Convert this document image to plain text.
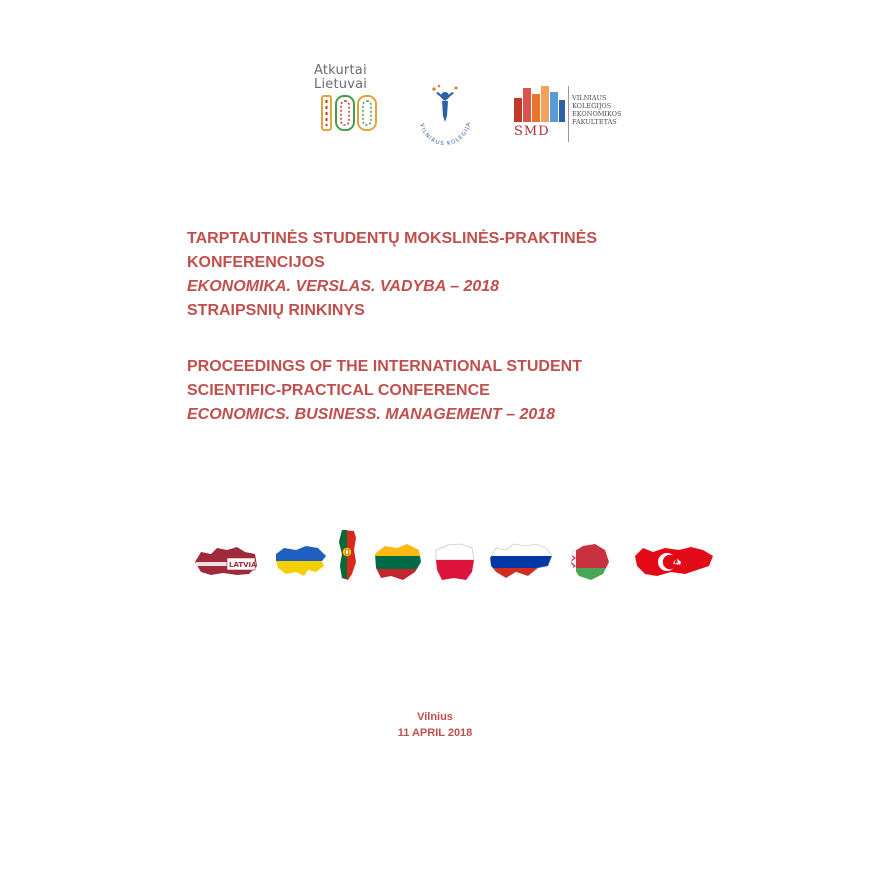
Atkurtai
Lietuvai
VILNIAUS KOLEGIJA	SMD
VILNIAUS
KOLEGIJOS
EKONOMIKOS
FAKULTETAS
TARPTAUTINĖS STUDENTŲ MOKSLINĖS-PRAKTINĖS
KONFERENCIJOS
EKONOMIKA. VERSLAS. VADYBA – 2018
STRAIPSNIŲ RINKINYS
PROCEEDINGS OF THE INTERNATIONAL STUDENT
SCIENTIFIC-PRACTICAL CONFERENCE
ECONOMICS. BUSINESS. MANAGEMENT – 2018
LATVIA
Vilnius
11 APRIL 2018
